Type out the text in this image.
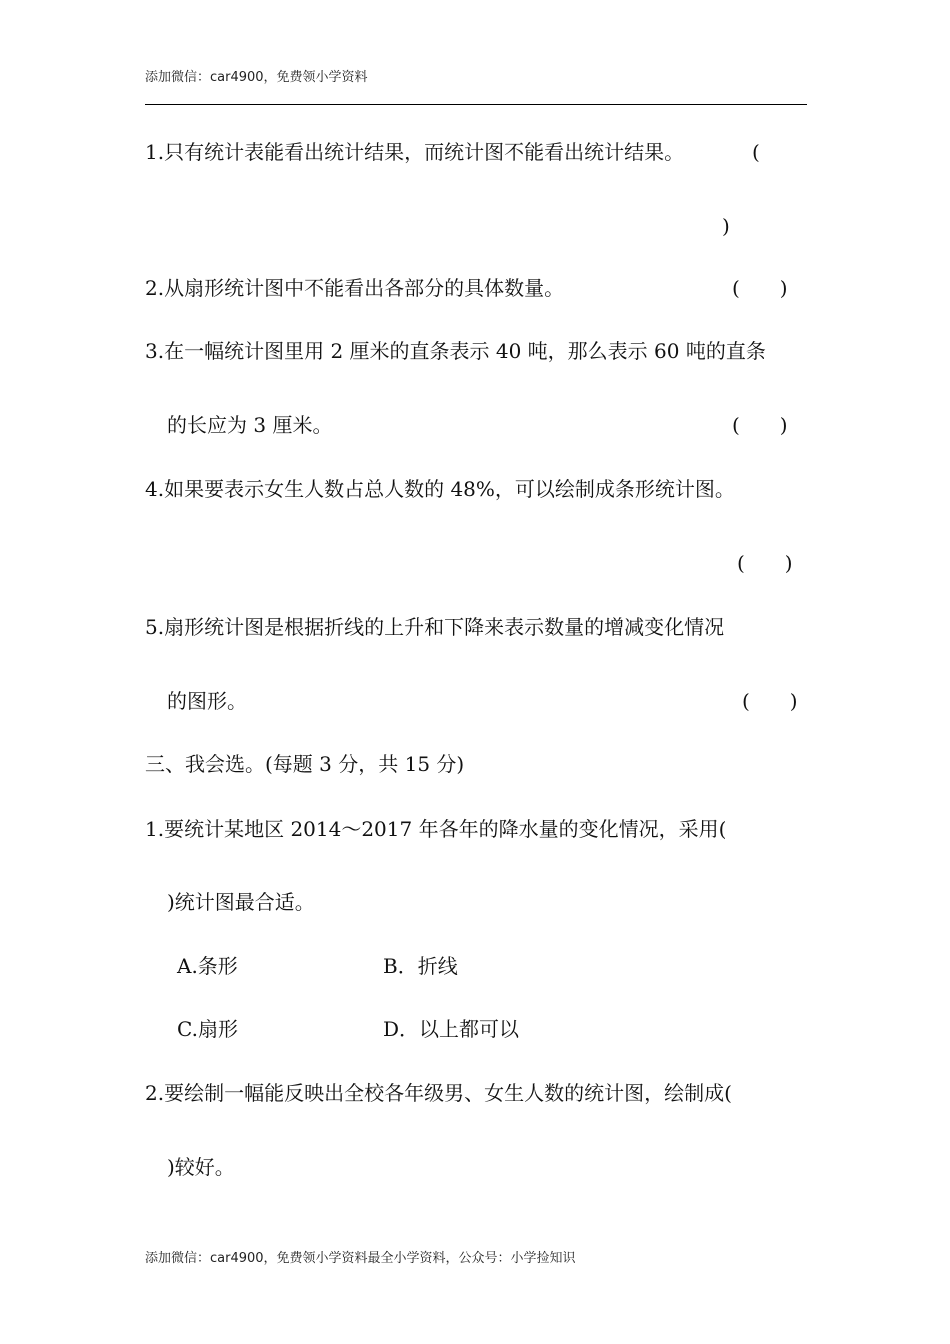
添加微信：car4900，免费领小学资料
1.只有统计表能看出统计结果，而统计图不能看出统计结果。	(
)
2.从扇形统计图中不能看出各部分的具体数量。	(　　)
3.在一幅统计图里用 2 厘米的直条表示 40 吨，那么表示 60 吨的直条
的长应为 3 厘米。	(　　)
4.如果要表示女生人数占总人数的 48%，可以绘制成条形统计图。
(　　)
5.扇形统计图是根据折线的上升和下降来表示数量的增减变化情况
的图形。	(　　)
三、我会选。(每题 3 分，共 15 分)
1.要统计某地区 2014～2017 年各年的降水量的变化情况，采用(
)统计图最合适。
A.条形	B．折线
C.扇形	D．以上都可以
2.要绘制一幅能反映出全校各年级男、女生人数的统计图，绘制成(
)较好。
添加微信：car4900，免费领小学资料最全小学资料，公众号：小学捡知识
